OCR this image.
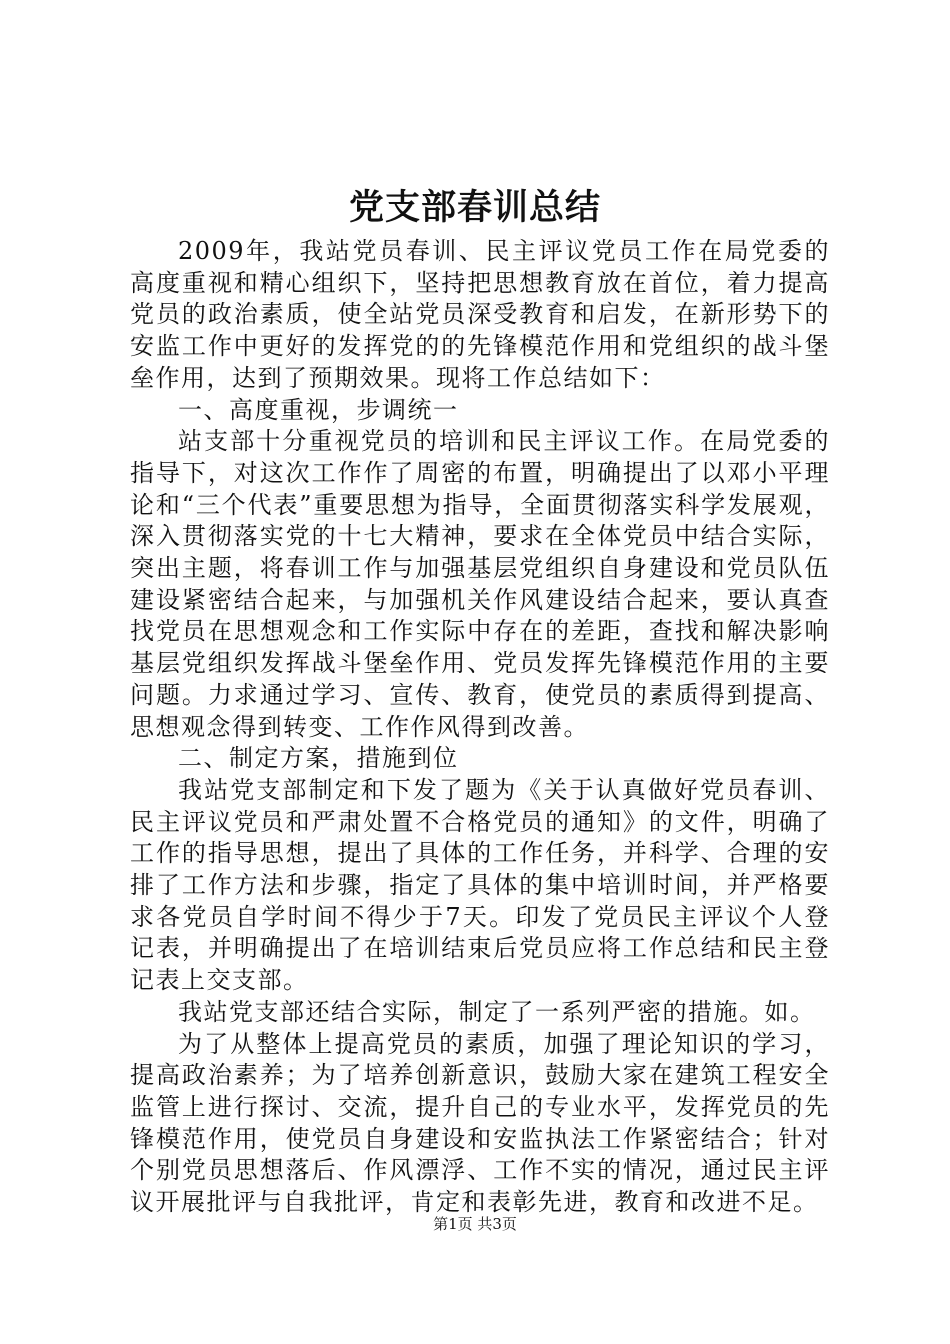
党支部春训总结

2009年，我站党员春训、民主评议党员工作在局党委的高度重视和精心组织下，坚持把思想教育放在首位，着力提高党员的政治素质，使全站党员深受教育和启发，在新形势下的安监工作中更好的发挥党的的先锋模范作用和党组织的战斗堡垒作用，达到了预期效果。现将工作总结如下：

一、高度重视，步调统一

站支部十分重视党员的培训和民主评议工作。在局党委的指导下，对这次工作作了周密的布置，明确提出了以邓小平理论和“三个代表”重要思想为指导，全面贯彻落实科学发展观，深入贯彻落实党的十七大精神，要求在全体党员中结合实际，突出主题，将春训工作与加强基层党组织自身建设和党员队伍建设紧密结合起来，与加强机关作风建设结合起来，要认真查找党员在思想观念和工作实际中存在的差距，查找和解决影响基层党组织发挥战斗堡垒作用、党员发挥先锋模范作用的主要问题。力求通过学习、宣传、教育，使党员的素质得到提高、思想观念得到转变、工作作风得到改善。

二、制定方案，措施到位

我站党支部制定和下发了题为《关于认真做好党员春训、民主评议党员和严肃处置不合格党员的通知》的文件，明确了工作的指导思想，提出了具体的工作任务，并科学、合理的安排了工作方法和步骤，指定了具体的集中培训时间，并严格要求各党员自学时间不得少于7天。印发了党员民主评议个人登记表，并明确提出了在培训结束后党员应将工作总结和民主登记表上交支部。

我站党支部还结合实际，制定了一系列严密的措施。如。

为了从整体上提高党员的素质，加强了理论知识的学习，提高政治素养；为了培养创新意识，鼓励大家在建筑工程安全监管上进行探讨、交流，提升自己的专业水平，发挥党员的先锋模范作用，使党员自身建设和安监执法工作紧密结合；针对个别党员思想落后、作风漂浮、工作不实的情况，通过民主评议开展批评与自我批评，肯定和表彰先进，教育和改进不足。

第1页 共3页
